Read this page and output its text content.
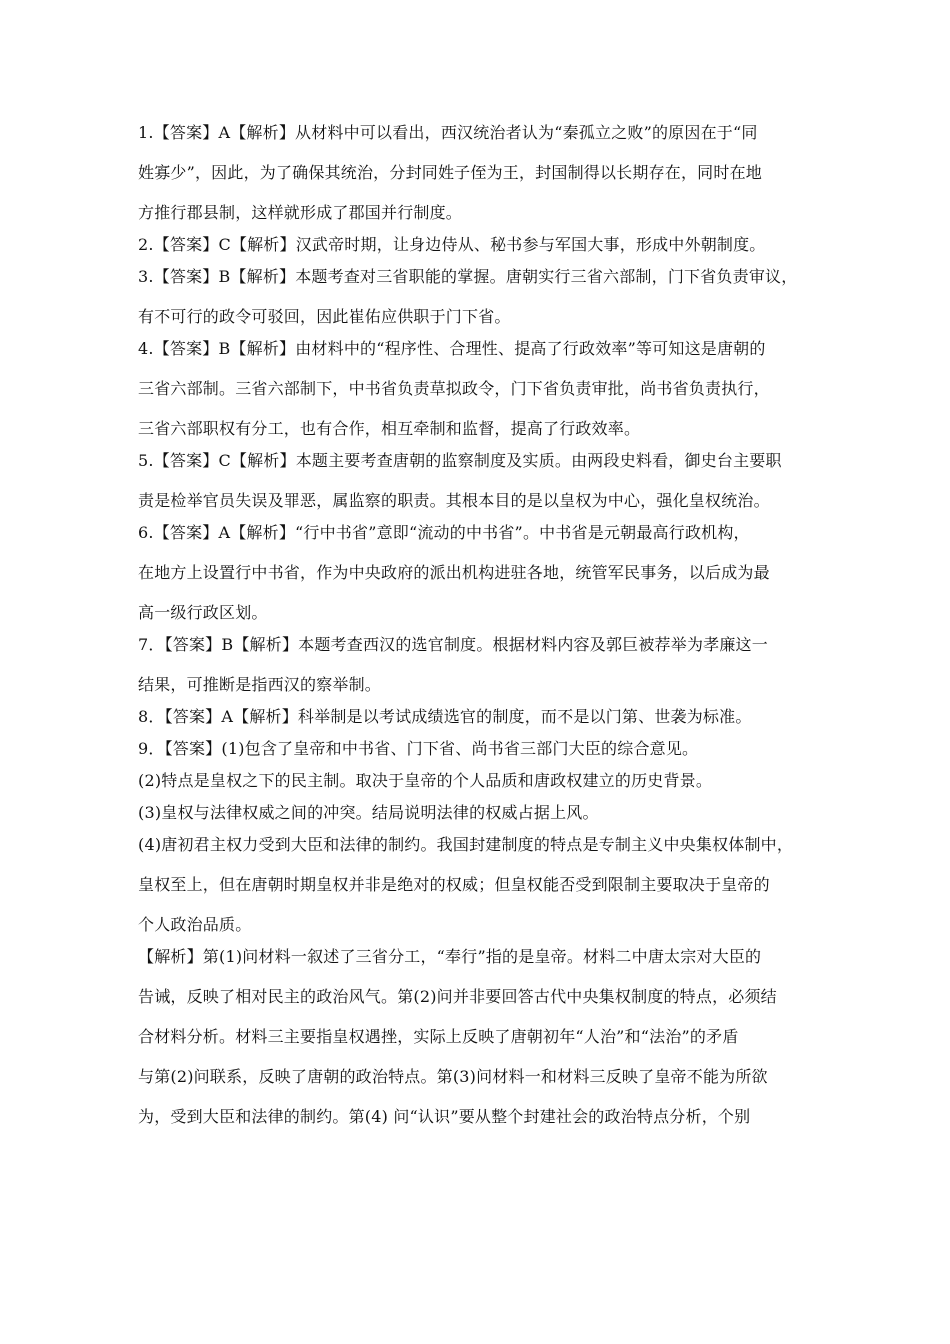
1.【答案】A【解析】从材料中可以看出，西汉统治者认为“秦孤立之败”的原因在于“同
姓寡少”，因此，为了确保其统治，分封同姓子侄为王，封国制得以长期存在，同时在地
方推行郡县制，这样就形成了郡国并行制度。
2.【答案】C【解析】汉武帝时期，让身边侍从、秘书参与军国大事，形成中外朝制度。
3.【答案】B【解析】本题考查对三省职能的掌握。唐朝实行三省六部制，门下省负责审议，
有不可行的政令可驳回，因此崔佑应供职于门下省。
4.【答案】B【解析】由材料中的“程序性、合理性、提高了行政效率”等可知这是唐朝的
三省六部制。三省六部制下，中书省负责草拟政令，门下省负责审批，尚书省负责执行，
三省六部职权有分工，也有合作，相互牵制和监督，提高了行政效率。
5.【答案】C【解析】本题主要考查唐朝的监察制度及实质。由两段史料看，御史台主要职
责是检举官员失误及罪恶，属监察的职责。其根本目的是以皇权为中心，强化皇权统治。
6.【答案】A【解析】“行中书省”意即“流动的中书省”。中书省是元朝最高行政机构，
在地方上设置行中书省，作为中央政府的派出机构进驻各地，统管军民事务，以后成为最
高一级行政区划。
7．【答案】B【解析】本题考查西汉的选官制度。根据材料内容及郭巨被荐举为孝廉这一
结果，可推断是指西汉的察举制。
8．【答案】A【解析】科举制是以考试成绩选官的制度，而不是以门第、世袭为标准。
9．【答案】(1)包含了皇帝和中书省、门下省、尚书省三部门大臣的综合意见。
(2)特点是皇权之下的民主制。取决于皇帝的个人品质和唐政权建立的历史背景。
(3)皇权与法律权威之间的冲突。结局说明法律的权威占据上风。
(4)唐初君主权力受到大臣和法律的制约。我国封建制度的特点是专制主义中央集权体制中，
皇权至上，但在唐朝时期皇权并非是绝对的权威；但皇权能否受到限制主要取决于皇帝的
个人政治品质。
【解析】第(1)问材料一叙述了三省分工，“奉行”指的是皇帝。材料二中唐太宗对大臣的
告诫，反映了相对民主的政治风气。第(2)问并非要回答古代中央集权制度的特点，必须结
合材料分析。材料三主要指皇权遇挫，实际上反映了唐朝初年“人治”和“法治”的矛盾
与第(2)问联系，反映了唐朝的政治特点。第(3)问材料一和材料三反映了皇帝不能为所欲
为，受到大臣和法律的制约。第(4) 问“认识”要从整个封建社会的政治特点分析，个别
